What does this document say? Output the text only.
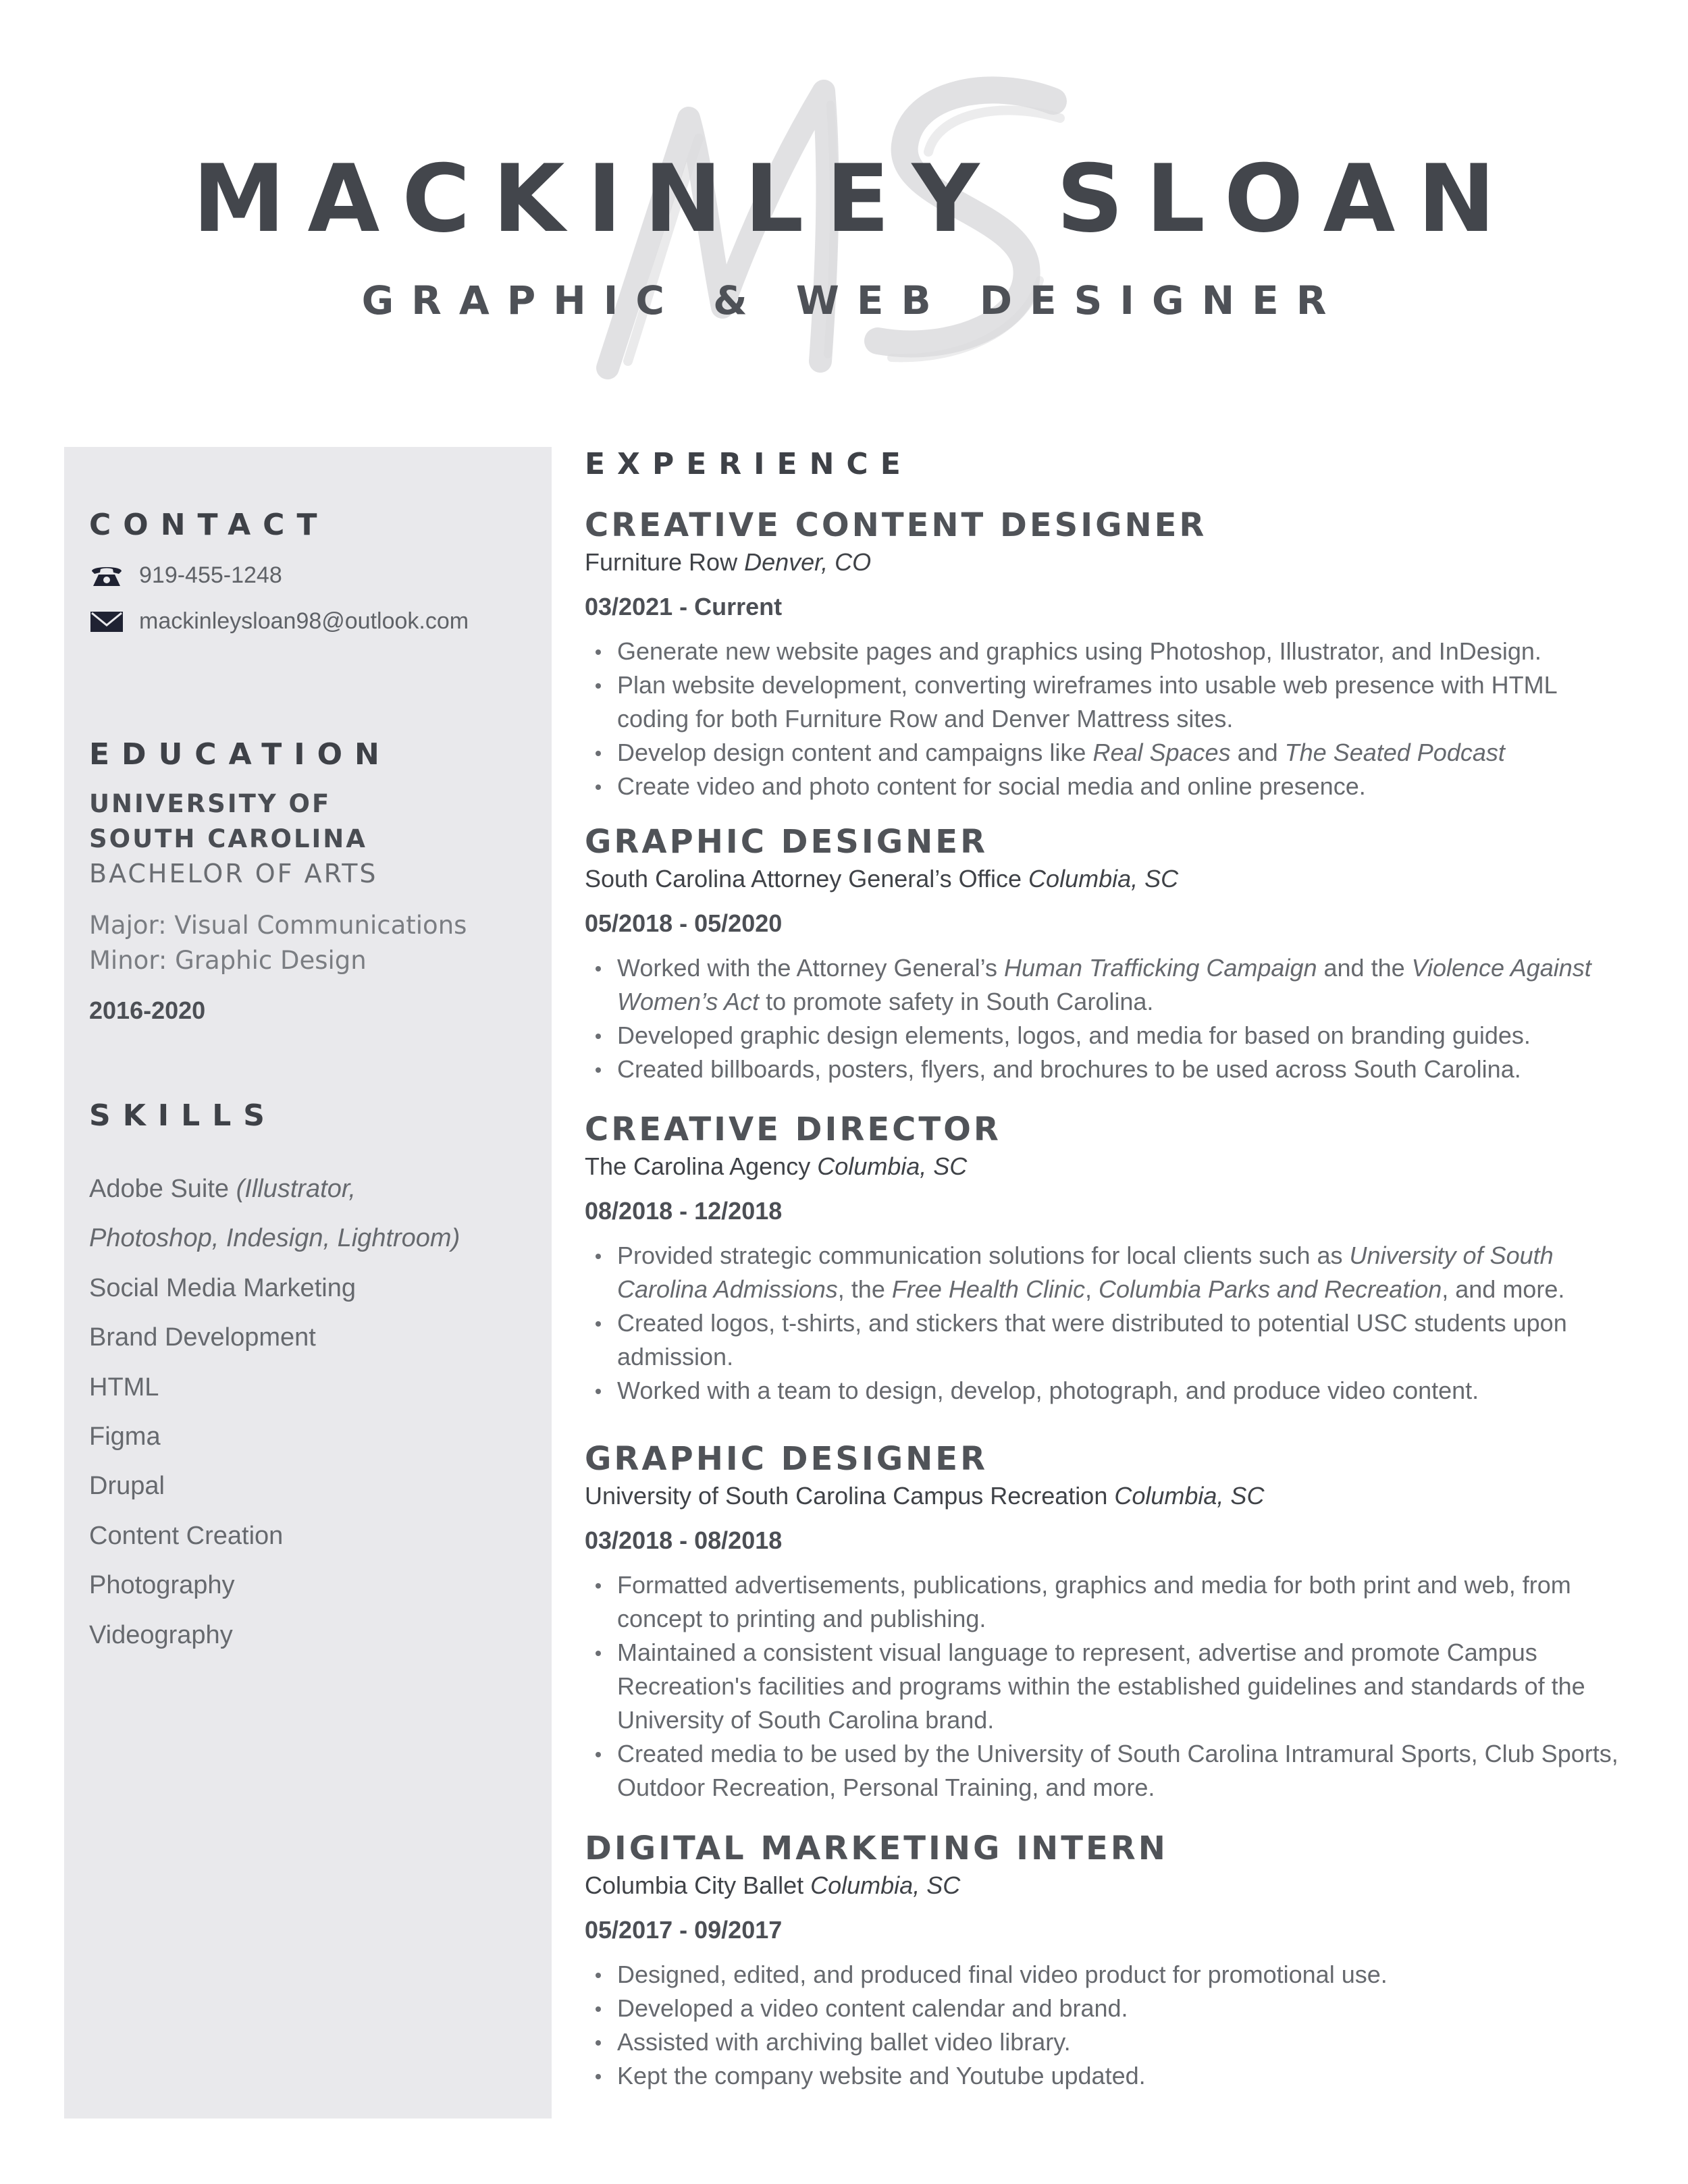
MACKINLEY SLOAN
GRAPHIC & WEB DESIGNER
CONTACT
919-455-1248
mackinleysloan98@outlook.com
EDUCATION
UNIVERSITY OF
SOUTH CAROLINA

BACHELOR OF ARTS

Major: Visual Communications

Minor: Graphic Design

2016-2020

SKILLS
Adobe Suite (Illustrator,
Photoshop, Indesign, Lightroom)
Social Media Marketing
Brand Development
HTML
Figma
Drupal
Content Creation
Photography
Videography
EXPERIENCE
CREATIVE CONTENT DESIGNER

Furniture Row Denver, CO

03/2021 - Current

Generate new website pages and graphics using Photoshop, Illustrator, and InDesign.
Plan website development, converting wireframes into usable web presence with HTML coding for both Furniture Row and Denver Mattress sites.
Develop design content and campaigns like Real Spaces and The Seated Podcast
Create video and photo content for social media and online presence.
GRAPHIC DESIGNER

South Carolina Attorney General’s Office Columbia, SC

05/2018 - 05/2020

Worked with the Attorney General’s Human Trafficking Campaign and the Violence Against Women’s Act to promote safety in South Carolina.
Developed graphic design elements, logos, and media for based on branding guides.
Created billboards, posters, flyers, and brochures to be used across South Carolina.
CREATIVE DIRECTOR

The Carolina Agency Columbia, SC

08/2018 - 12/2018

Provided strategic communication solutions for local clients such as University of South Carolina Admissions, the Free Health Clinic, Columbia Parks and Recreation, and more.
Created logos, t-shirts, and stickers that were distributed to potential USC students upon admission.
Worked with a team to design, develop, photograph, and produce video content.
GRAPHIC DESIGNER

University of South Carolina Campus Recreation Columbia, SC

03/2018 - 08/2018

Formatted advertisements, publications, graphics and media for both print and web, from concept to printing and publishing.
Maintained a consistent visual language to represent, advertise and promote Campus Recreation's facilities and programs within the established guidelines and standards of the University of South Carolina brand.
Created media to be used by the University of South Carolina Intramural Sports, Club Sports, Outdoor Recreation, Personal Training, and more.
DIGITAL MARKETING INTERN

Columbia City Ballet Columbia, SC

05/2017 - 09/2017

Designed, edited, and produced final video product for promotional use.
Developed a video content calendar and brand.
Assisted with archiving ballet video library.
Kept the company website and Youtube updated.
